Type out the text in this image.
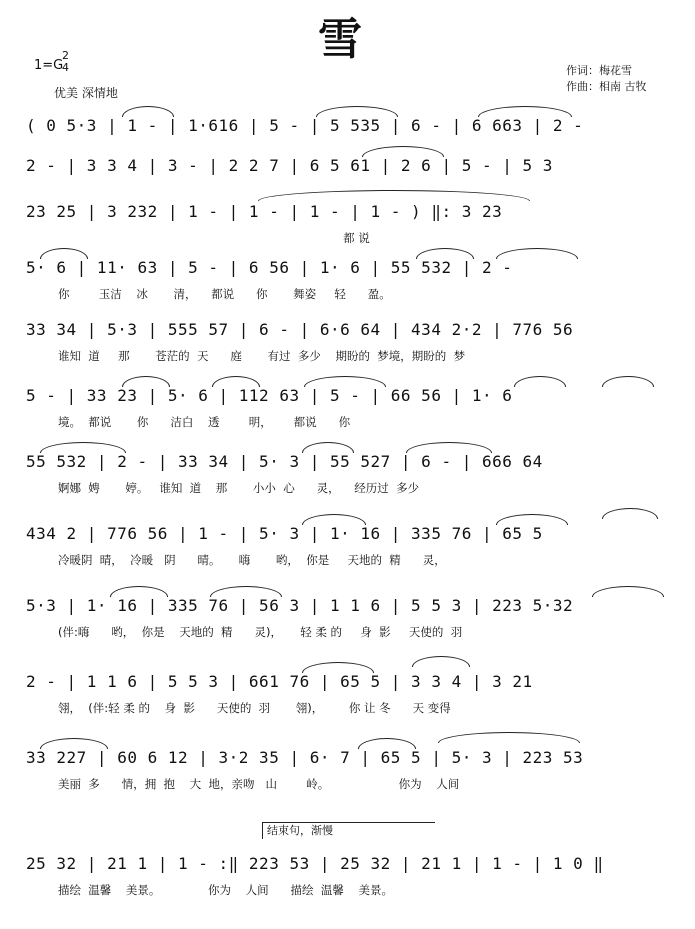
雪
1=G
2
4
优美 深情地
作词：梅花雪
作曲：相南 古牧
( 0 5·3 | 1 - | 1·616 | 5 - | 5 535 | 6 - | 6 663 | 2 -
2 - | 3 3 4 | 3 - | 2 2 7 | 6 5 61 | 2 6 | 5 - | 5 3
23 25 | 3 232 | 1 - | 1 - | 1 - | 1 - ) ‖: 3 23
都 说
5· 6 | 11· 63 | 5 - | 6 56 | 1· 6 | 55 532 | 2 -
你        玉洁    冰       清，    都说      你       舞姿     轻      盈。
33 34 | 5·3 | 555 57 | 6 - | 6·6 64 | 434 2·2 | 776 56
谁知  道     那       苍茫的  天      庭       有过  多少    期盼的  梦境，期盼的  梦
5 - | 33 23 | 5· 6 | 112 63 | 5 - | 66 56 | 1· 6
境。  都说       你      洁白    透        明，      都说      你
55 532 | 2 - | 33 34 | 5· 3 | 55 527 | 6 - | 666 64
婀娜  娉       婷。   谁知  道    那       小小  心      灵，    经历过  多少
434 2 | 776 56 | 1 - | 5· 3 | 1· 16 | 335 76 | 65 5
冷暖阴  晴，  冷暖   阴      晴。     嗨       哟，  你是     天地的  精      灵，
5·3 | 1· 16 | 335 76 | 56 3 | 1 1 6 | 5 5 3 | 223 5·32
(伴:嗨      哟，  你是    天地的  精      灵)，     轻 柔 的     身  影     天使的  羽
2 - | 1 1 6 | 5 5 3 | 661 76 | 65 5 | 3 3 4 | 3 21
翎，  (伴:轻 柔 的    身  影      天使的  羽       翎)，       你 让 冬      天 变得
33 227 | 60 6 12 | 3·2 35 | 6· 7 | 65 5 | 5· 3 | 223 53
美丽  多      情，拥  抱    大  地，亲吻   山        岭。                   你为    人间
结束句，渐慢
25 32 | 21 1 | 1 - :‖ 223 53 | 25 32 | 21 1 | 1 - | 1 0 ‖
描绘  温馨    美景。             你为    人间      描绘  温馨    美景。
